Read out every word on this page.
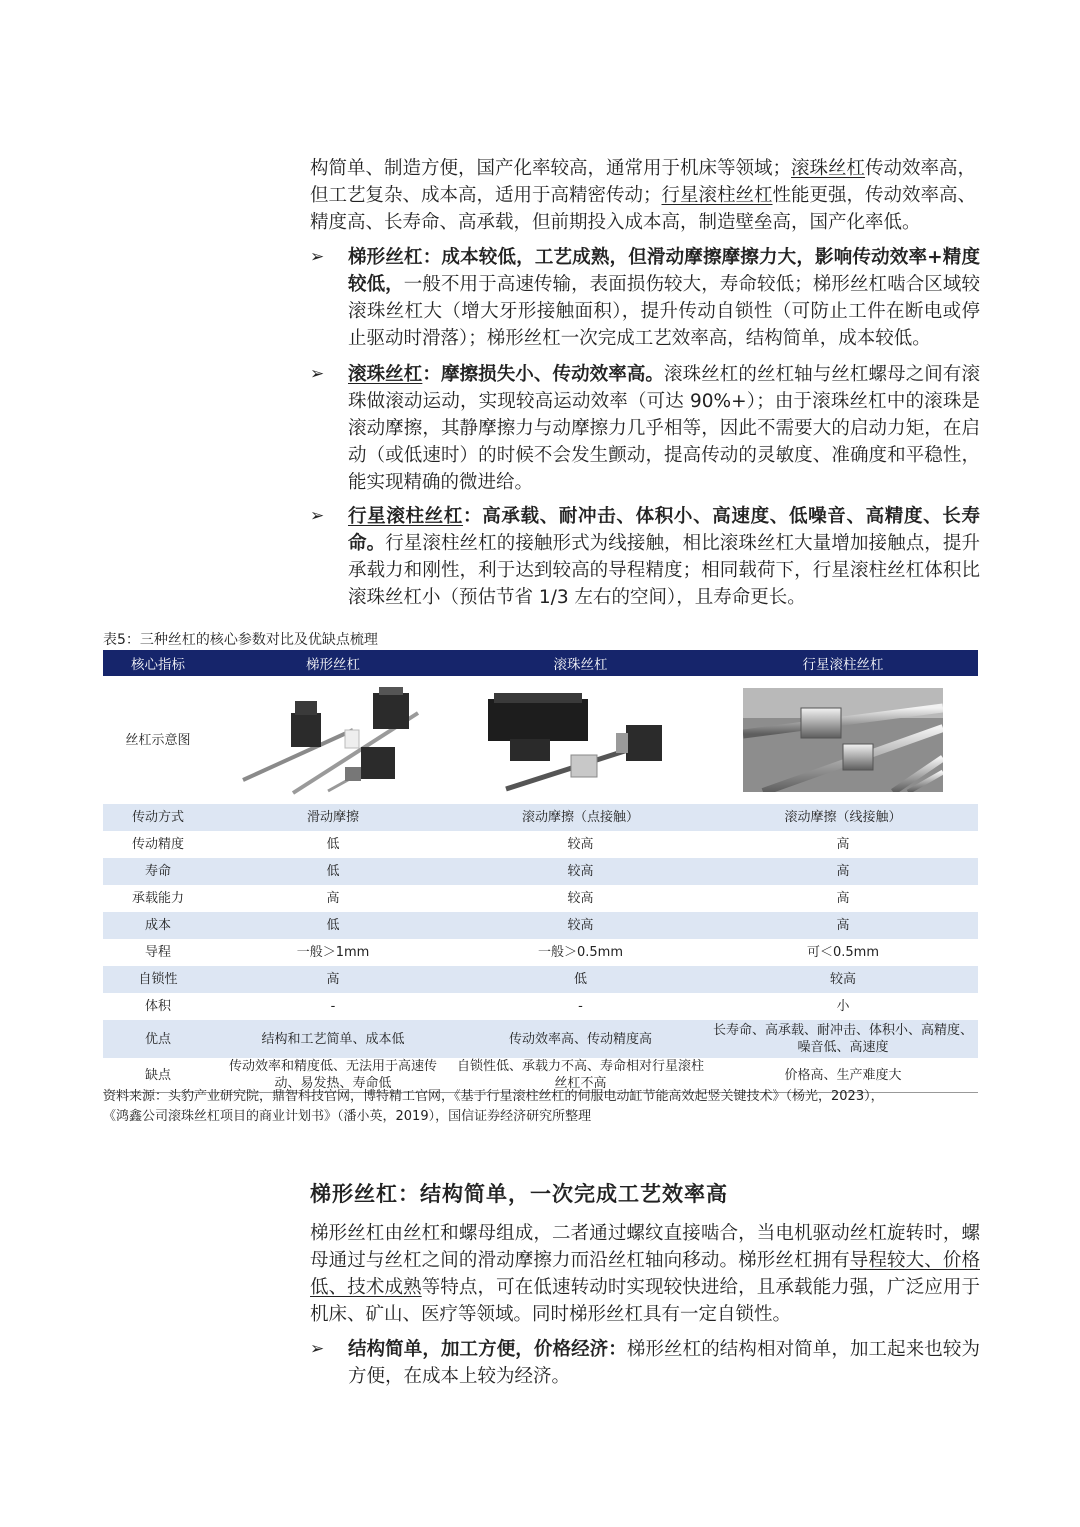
构简单、制造方便，国产化率较高，通常用于机床等领域；滚珠丝杠传动效率高，
但工艺复杂、成本高，适用于高精密传动；行星滚柱丝杠性能更强，传动效率高、
精度高、长寿命、高承载，但前期投入成本高，制造壁垒高，国产化率低。

➢ 梯形丝杠：成本较低，工艺成熟，但滑动摩擦摩擦力大，影响传动效率+精度较低，一般不用于高速传输，表面损伤较大，寿命较低；梯形丝杠啮合区域较滚珠丝杠大（增大牙形接触面积），提升传动自锁性（可防止工件在断电或停止驱动时滑落）；梯形丝杠一次完成工艺效率高，结构简单，成本较低。
➢ 滚珠丝杠：摩擦损失小、传动效率高。滚珠丝杠的丝杠轴与丝杠螺母之间有滚珠做滚动运动，实现较高运动效率（可达 90%+）；由于滚珠丝杠中的滚珠是滚动摩擦，其静摩擦力与动摩擦力几乎相等，因此不需要大的启动力矩，在启动（或低速时）的时候不会发生颤动，提高传动的灵敏度、准确度和平稳性，能实现精确的微进给。
➢ 行星滚柱丝杠：高承载、耐冲击、体积小、高速度、低噪音、高精度、长寿命。行星滚柱丝杠的接触形式为线接触，相比滚珠丝杠大量增加接触点，提升承载力和刚性，利于达到较高的导程精度；相同载荷下，行星滚柱丝杠体积比滚珠丝杠小（预估节省 1/3 左右的空间），且寿命更长。
表5：三种丝杠的核心参数对比及优缺点梳理
核心指标	梯形丝杠	滚珠丝杠	行星滚柱丝杠
丝杠示意图	

传动方式	滑动摩擦	滚动摩擦（点接触）	滚动摩擦（线接触）
传动精度	低	较高	高
寿命	低	较高	高
承载能力	高	较高	高
成本	低	较高	高
导程	一般＞1mm	一般＞0.5mm	可＜0.5mm
自锁性	高	低	较高
体积	-	-	小
优点	结构和工艺简单、成本低	传动效率高、传动精度高	长寿命、高承载、耐冲击、体积小、高精度、噪音低、高速度
缺点	传动效率和精度低、无法用于高速传动、易发热、寿命低	自锁性低、承载力不高、寿命相对行星滚柱丝杠不高	价格高、生产难度大
资料来源：头豹产业研究院，鼎智科技官网，博特精工官网，《基于行星滚柱丝杠的伺服电动缸节能高效起竖关键技术》（杨光，2023），
《鸿鑫公司滚珠丝杠项目的商业计划书》（潘小英，2019），国信证券经济研究所整理
梯形丝杠：结构简单，一次完成工艺效率高

梯形丝杠由丝杠和螺母组成，二者通过螺纹直接啮合，当电机驱动丝杠旋转时，螺母通过与丝杠之间的滑动摩擦力而沿丝杠轴向移动。梯形丝杠拥有导程较大、价格低、技术成熟等特点，可在低速转动时实现较快进给，且承载能力强，广泛应用于机床、矿山、医疗等领域。同时梯形丝杠具有一定自锁性。

➢ 结构简单，加工方便，价格经济：梯形丝杠的结构相对简单，加工起来也较为方便，在成本上较为经济。
